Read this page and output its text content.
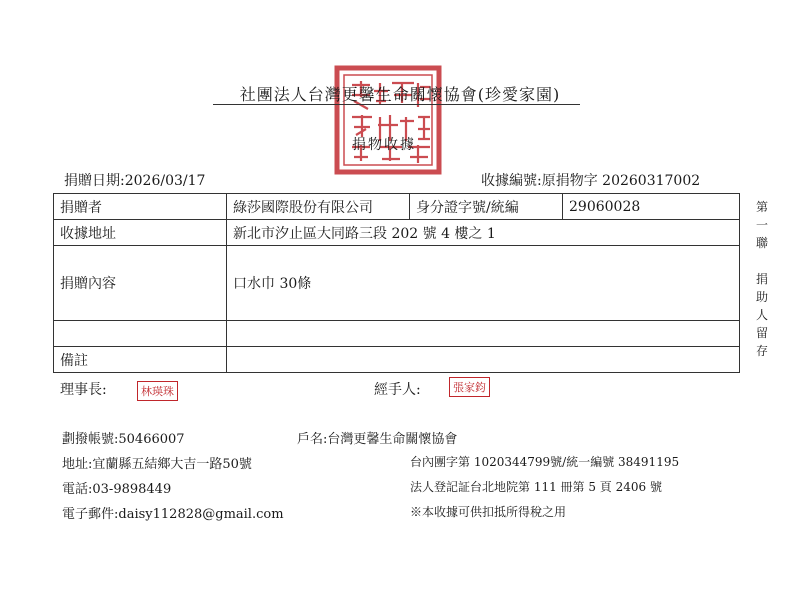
社團法人台灣更馨生命關懷協會(珍愛家園)
捐物收據
捐贈日期:2026/03/17	收據編號:原捐物字 20260317002
捐贈者	綠莎國際股份有限公司	身分證字號/統編	29060028
收據地址	新北市汐止區大同路三段 202 號 4 樓之 1		
捐贈內容	口水巾 30條		

備註			
第
一
聯

捐
助
人
留
存
理事長:	林瑛珠	經手人:	張家鈞
劃撥帳號:50466007	戶名:台灣更馨生命關懷協會
地址:宜蘭縣五結鄉大吉一路50號	台內團字第 1020344799號/統一編號 38491195
電話:03-9898449	法人登記証台北地院第 111 冊第 5 頁 2406 號
電子郵件:daisy112828@gmail.com	※本收據可供扣抵所得稅之用
